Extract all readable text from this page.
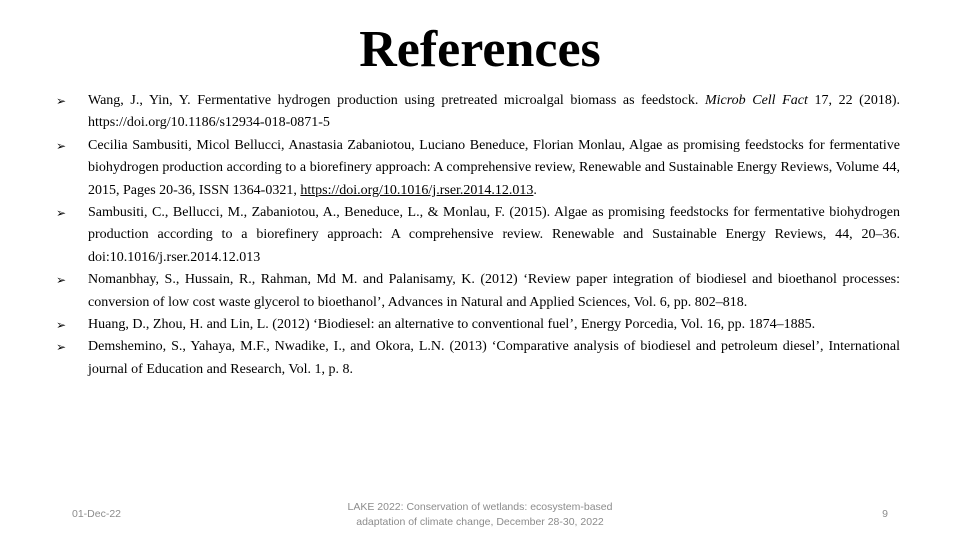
References
➢	Wang, J., Yin, Y. Fermentative hydrogen production using pretreated microalgal biomass as feedstock. Microb Cell Fact 17, 22 (2018). https://doi.org/10.1186/s12934-018-0871-5
➢	Cecilia Sambusiti, Micol Bellucci, Anastasia Zabaniotou, Luciano Beneduce, Florian Monlau, Algae as promising feedstocks for fermentative biohydrogen production according to a biorefinery approach: A comprehensive review, Renewable and Sustainable Energy Reviews, Volume 44, 2015, Pages 20-36, ISSN 1364-0321, https://doi.org/10.1016/j.rser.2014.12.013.
➢	Sambusiti, C., Bellucci, M., Zabaniotou, A., Beneduce, L., & Monlau, F. (2015). Algae as promising feedstocks for fermentative biohydrogen production according to a biorefinery approach: A comprehensive review. Renewable and Sustainable Energy Reviews, 44, 20–36. doi:10.1016/j.rser.2014.12.013
➢	Nomanbhay, S., Hussain, R., Rahman, Md M. and Palanisamy, K. (2012) ‘Review paper integration of biodiesel and bioethanol processes: conversion of low cost waste glycerol to bioethanol’, Advances in Natural and Applied Sciences, Vol. 6, pp. 802–818.
➢	Huang, D., Zhou, H. and Lin, L. (2012) ‘Biodiesel: an alternative to conventional fuel’, Energy Porcedia, Vol. 16, pp. 1874–1885.
➢	Demshemino, S., Yahaya, M.F., Nwadike, I., and Okora, L.N. (2013) ‘Comparative analysis of biodiesel and petroleum diesel’, International journal of Education and Research, Vol. 1, p. 8.
01-Dec-22
LAKE 2022: Conservation of wetlands: ecosystem-based
adaptation of climate change, December 28-30, 2022
9
